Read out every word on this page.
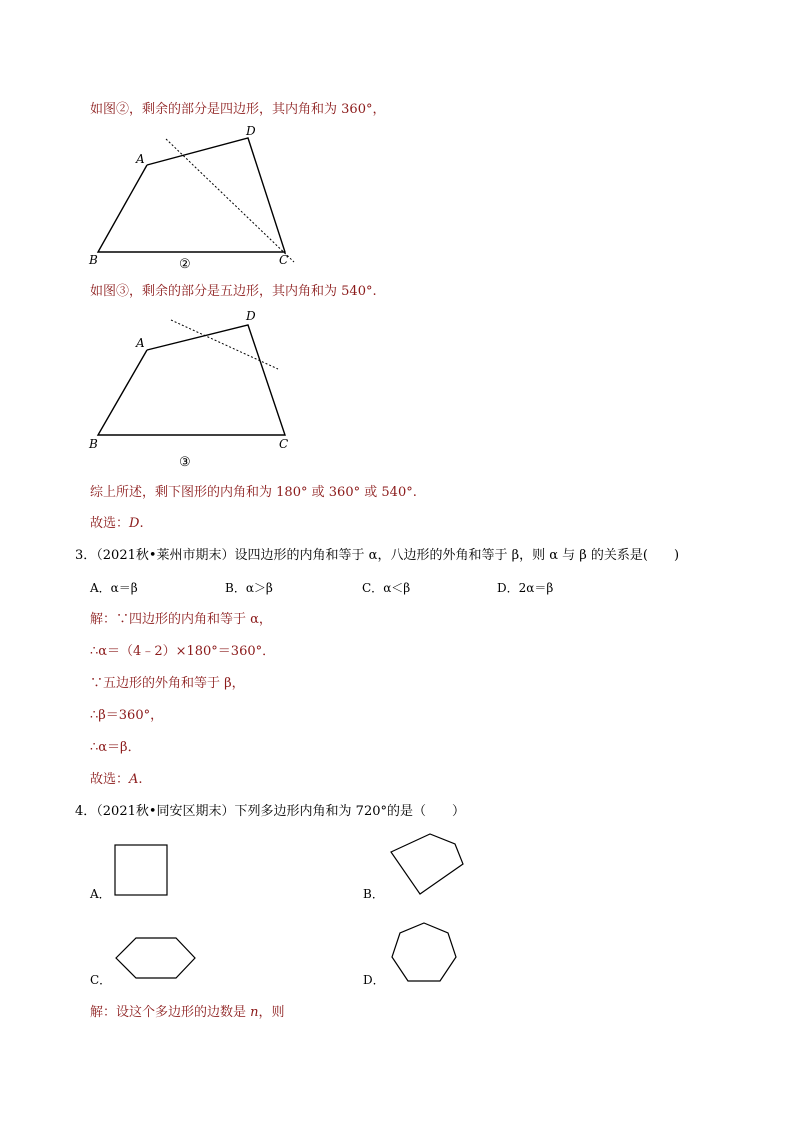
如图②，剩余的部分是四边形，其内角和为 360°，
A
D
B	C
②
如图③，剩余的部分是五边形，其内角和为 540°.
A
D
B	C
③
综上所述，剩下图形的内角和为 180° 或 360° 或 540°.
故选：D.
3．（2021秋•莱州市期末）设四边形的内角和等于 α，八边形的外角和等于 β，则 α 与 β 的关系是(　　)
A．α＝β	B．α＞β	C．α＜β	D．2α＝β
解：∵四边形的内角和等于 α，
∴α＝（4﹣2）×180°＝360°．
∵五边形的外角和等于 β，
∴β＝360°，
∴α＝β．
故选：A.
4．（2021秋•同安区期末）下列多边形内角和为 720°的是（　　）
A．	B．
C．	D．
解：设这个多边形的边数是 n，则
